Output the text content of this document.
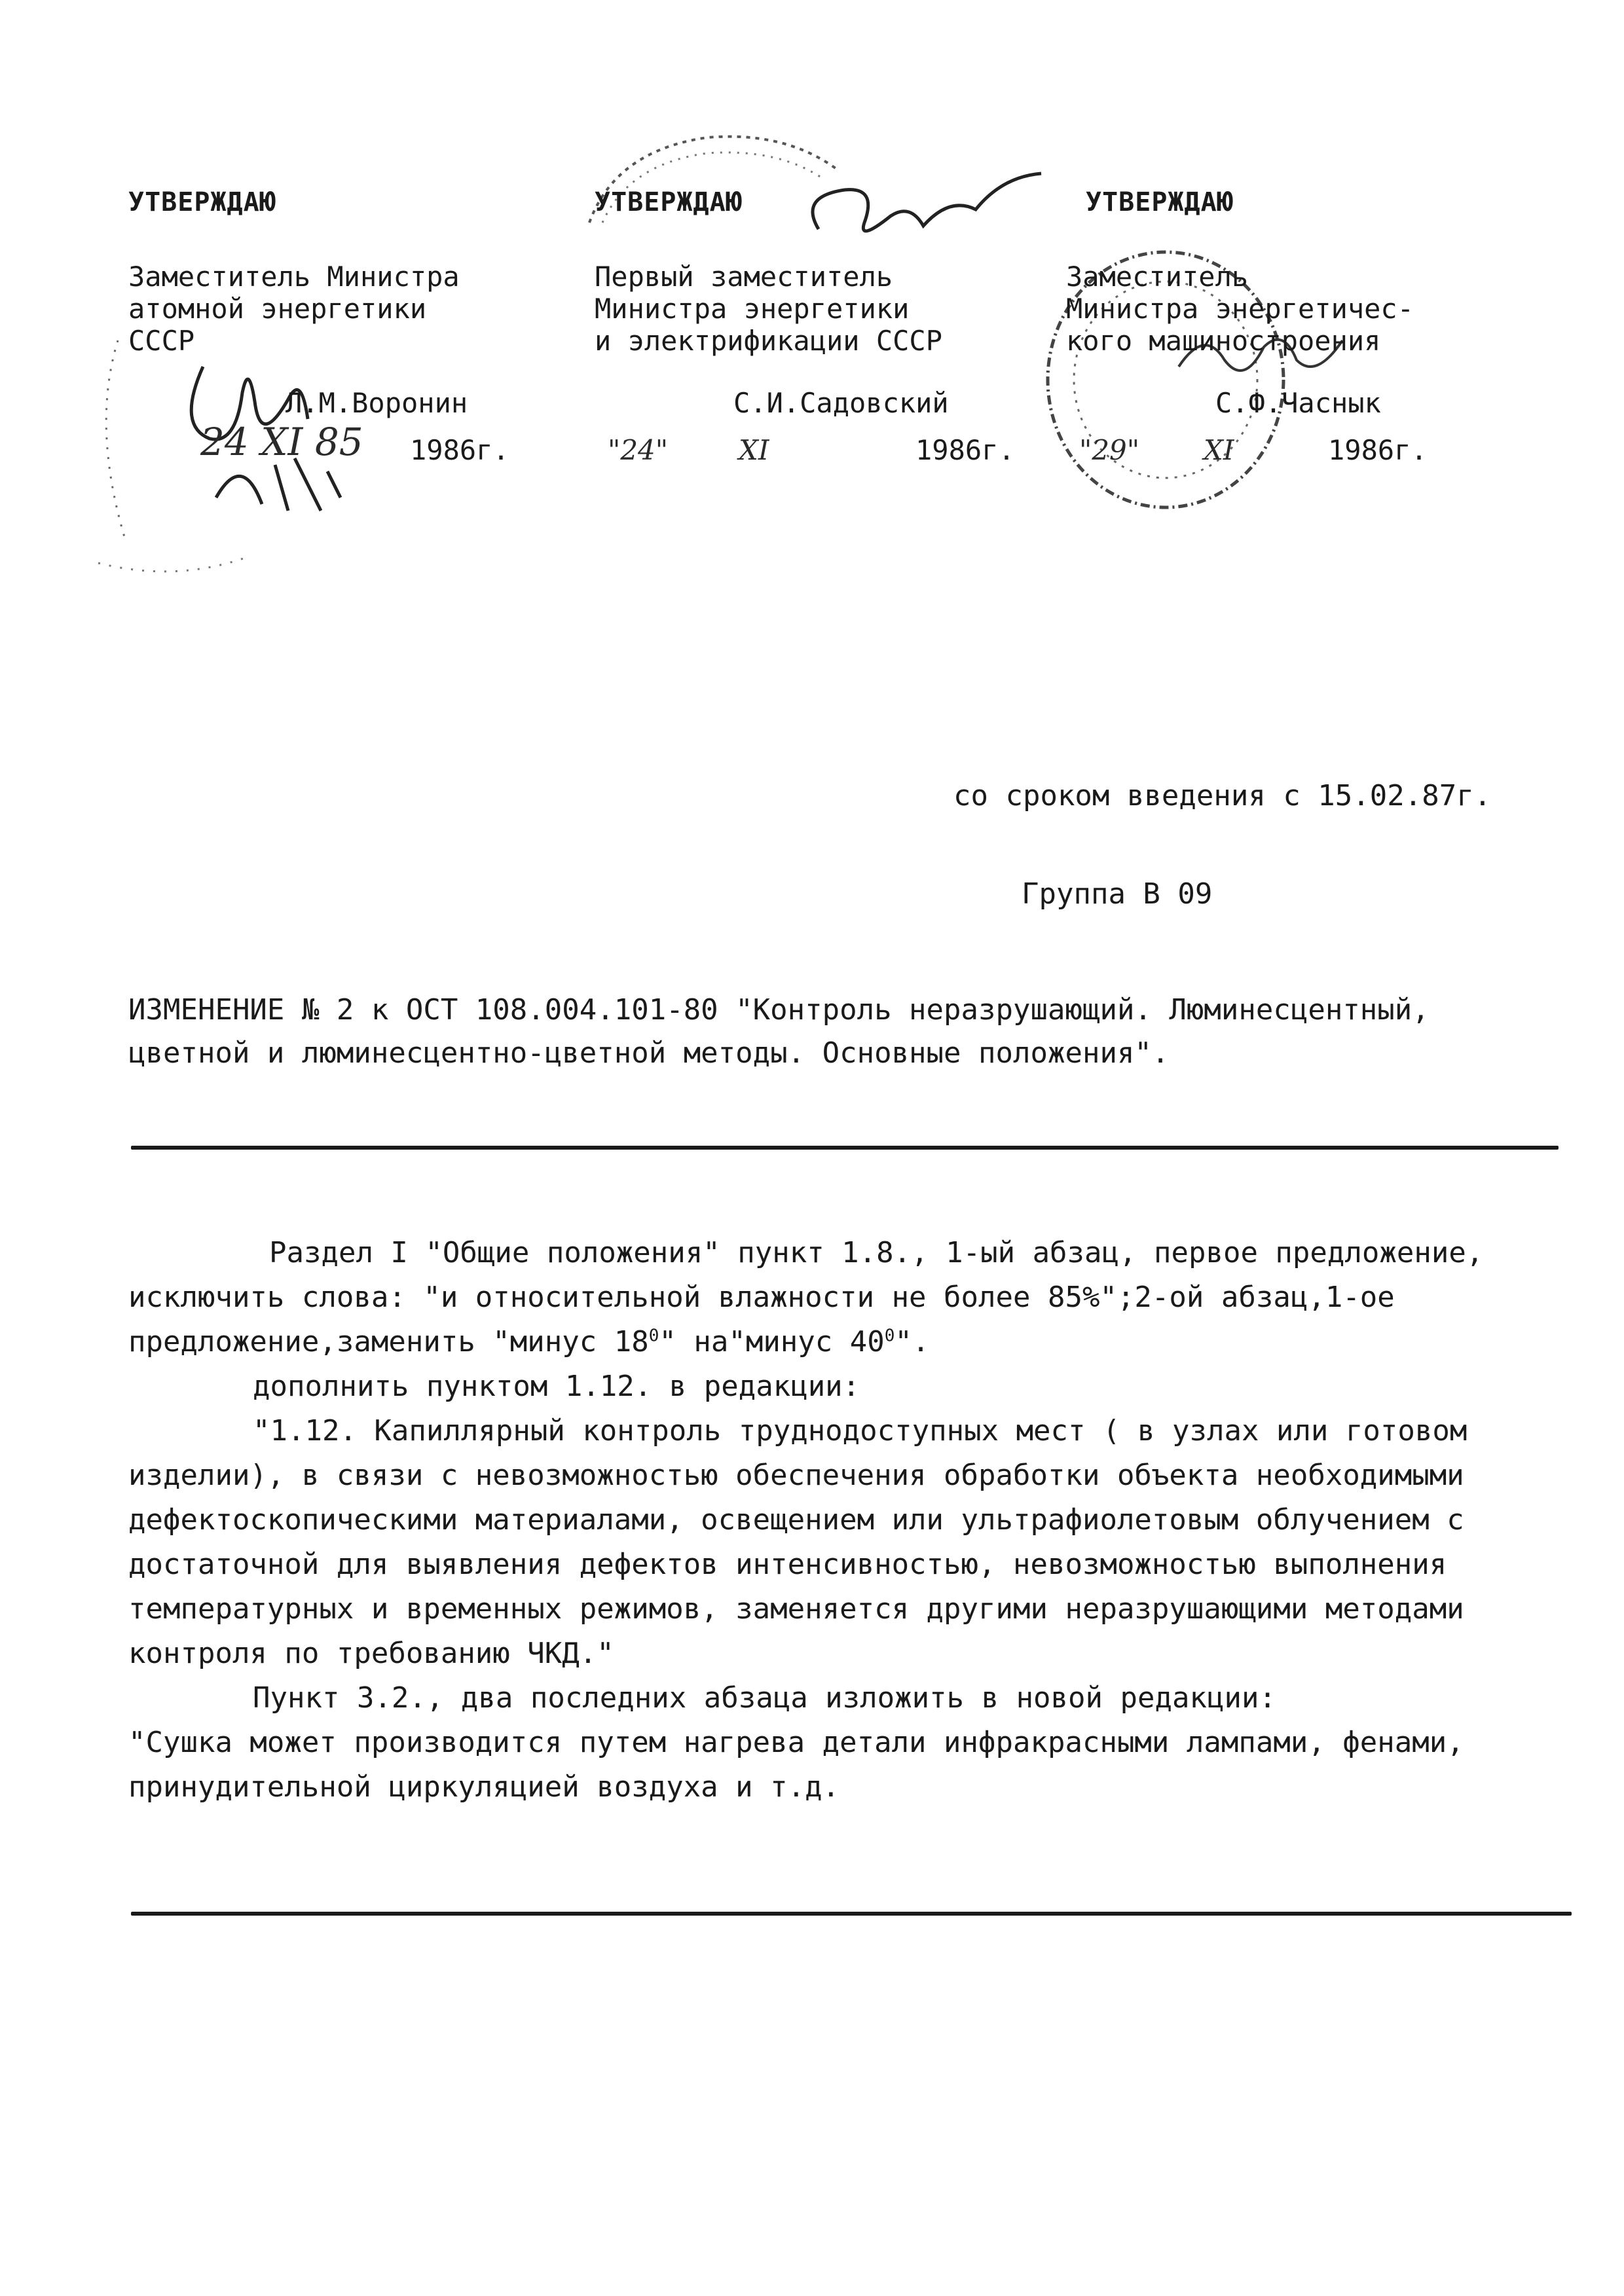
УТВЕРЖДАЮ
Заместитель Министра
атомной энергетики
СССР
Л.М.Воронин
24 XI 85 1986г.
УТВЕРЖДАЮ
Первый заместитель
Министра энергетики
и электрификации СССР
С.И.Садовский
"24"	XI	1986г.
УТВЕРЖДАЮ
Заместитель
Министра энергетичес-
кого машиностроения
С.Ф.Часнык
"29" XI	1986г.
со сроком введения с 15.02.87г.
Группа В 09
ИЗМЕНЕНИЕ № 2 к ОСТ 108.004.101-80 "Контроль неразрушающий. Люминесцентный, цветной и люминесцентно-цветной методы. Основные положения".

Раздел I "Общие положения" пункт 1.8., 1-ый абзац, первое предложение, исключить слова: "и относительной влажности не более 85%";2-ой абзац,1-ое предложение,заменить "минус $18^0$" на"минус $40^0$".

дополнить пунктом 1.12. в редакции:

"1.12. Капиллярный контроль труднодоступных мест ( в узлах или готовом изделии), в связи с невозможностью обеспечения обработки объекта необходимыми дефектоскопическими материалами, освещением или ультрафиолетовым облучением с достаточной для выявления дефектов интенсивностью, невозможностью выполнения температурных и временных режимов, заменяется другими неразрушающими методами контроля по требованию ЧКД."

Пункт 3.2., два последних абзаца изложить в новой редакции:

"Сушка может производится путем нагрева детали инфракрасными лампами, фенами, принудительной циркуляцией воздуха и т.д.
